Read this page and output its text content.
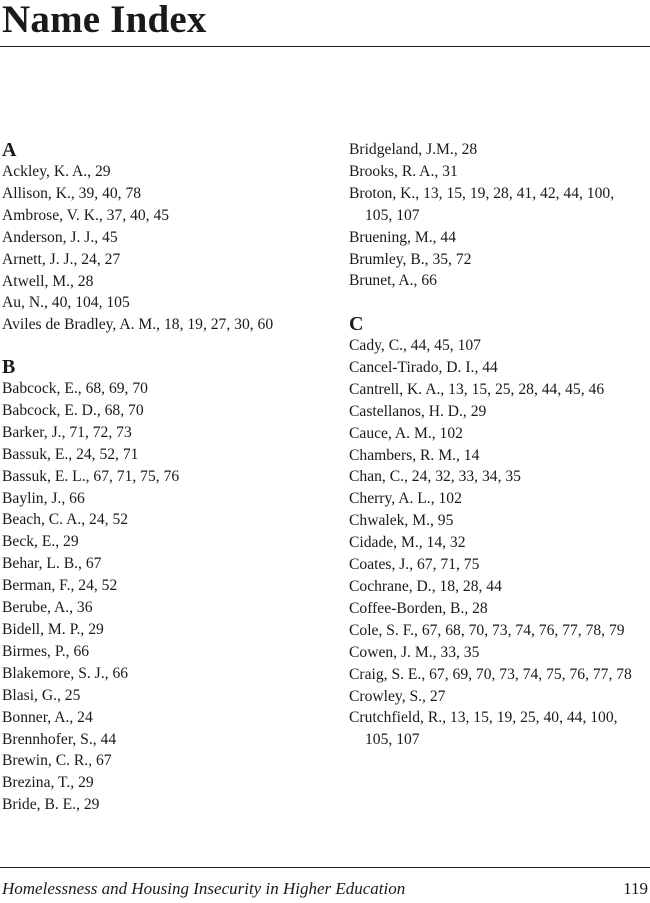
Name Index
A
Ackley, K. A., 29
Allison, K., 39, 40, 78
Ambrose, V. K., 37, 40, 45
Anderson, J. J., 45
Arnett, J. J., 24, 27
Atwell, M., 28
Au, N., 40, 104, 105
Aviles de Bradley, A. M., 18, 19, 27, 30, 60
B
Babcock, E., 68, 69, 70
Babcock, E. D., 68, 70
Barker, J., 71, 72, 73
Bassuk, E., 24, 52, 71
Bassuk, E. L., 67, 71, 75, 76
Baylin, J., 66
Beach, C. A., 24, 52
Beck, E., 29
Behar, L. B., 67
Berman, F., 24, 52
Berube, A., 36
Bidell, M. P., 29
Birmes, P., 66
Blakemore, S. J., 66
Blasi, G., 25
Bonner, A., 24
Brennhofer, S., 44
Brewin, C. R., 67
Brezina, T., 29
Bride, B. E., 29
Bridgeland, J.M., 28
Brooks, R. A., 31
Broton, K., 13, 15, 19, 28, 41, 42, 44, 100, 105, 107
Bruening, M., 44
Brumley, B., 35, 72
Brunet, A., 66
C
Cady, C., 44, 45, 107
Cancel-Tirado, D. I., 44
Cantrell, K. A., 13, 15, 25, 28, 44, 45, 46
Castellanos, H. D., 29
Cauce, A. M., 102
Chambers, R. M., 14
Chan, C., 24, 32, 33, 34, 35
Cherry, A. L., 102
Chwalek, M., 95
Cidade, M., 14, 32
Coates, J., 67, 71, 75
Cochrane, D., 18, 28, 44
Coffee-Borden, B., 28
Cole, S. F., 67, 68, 70, 73, 74, 76, 77, 78, 79
Cowen, J. M., 33, 35
Craig, S. E., 67, 69, 70, 73, 74, 75, 76, 77, 78
Crowley, S., 27
Crutchfield, R., 13, 15, 19, 25, 40, 44, 100, 105, 107
Homelessness and Housing Insecurity in Higher Education	119
